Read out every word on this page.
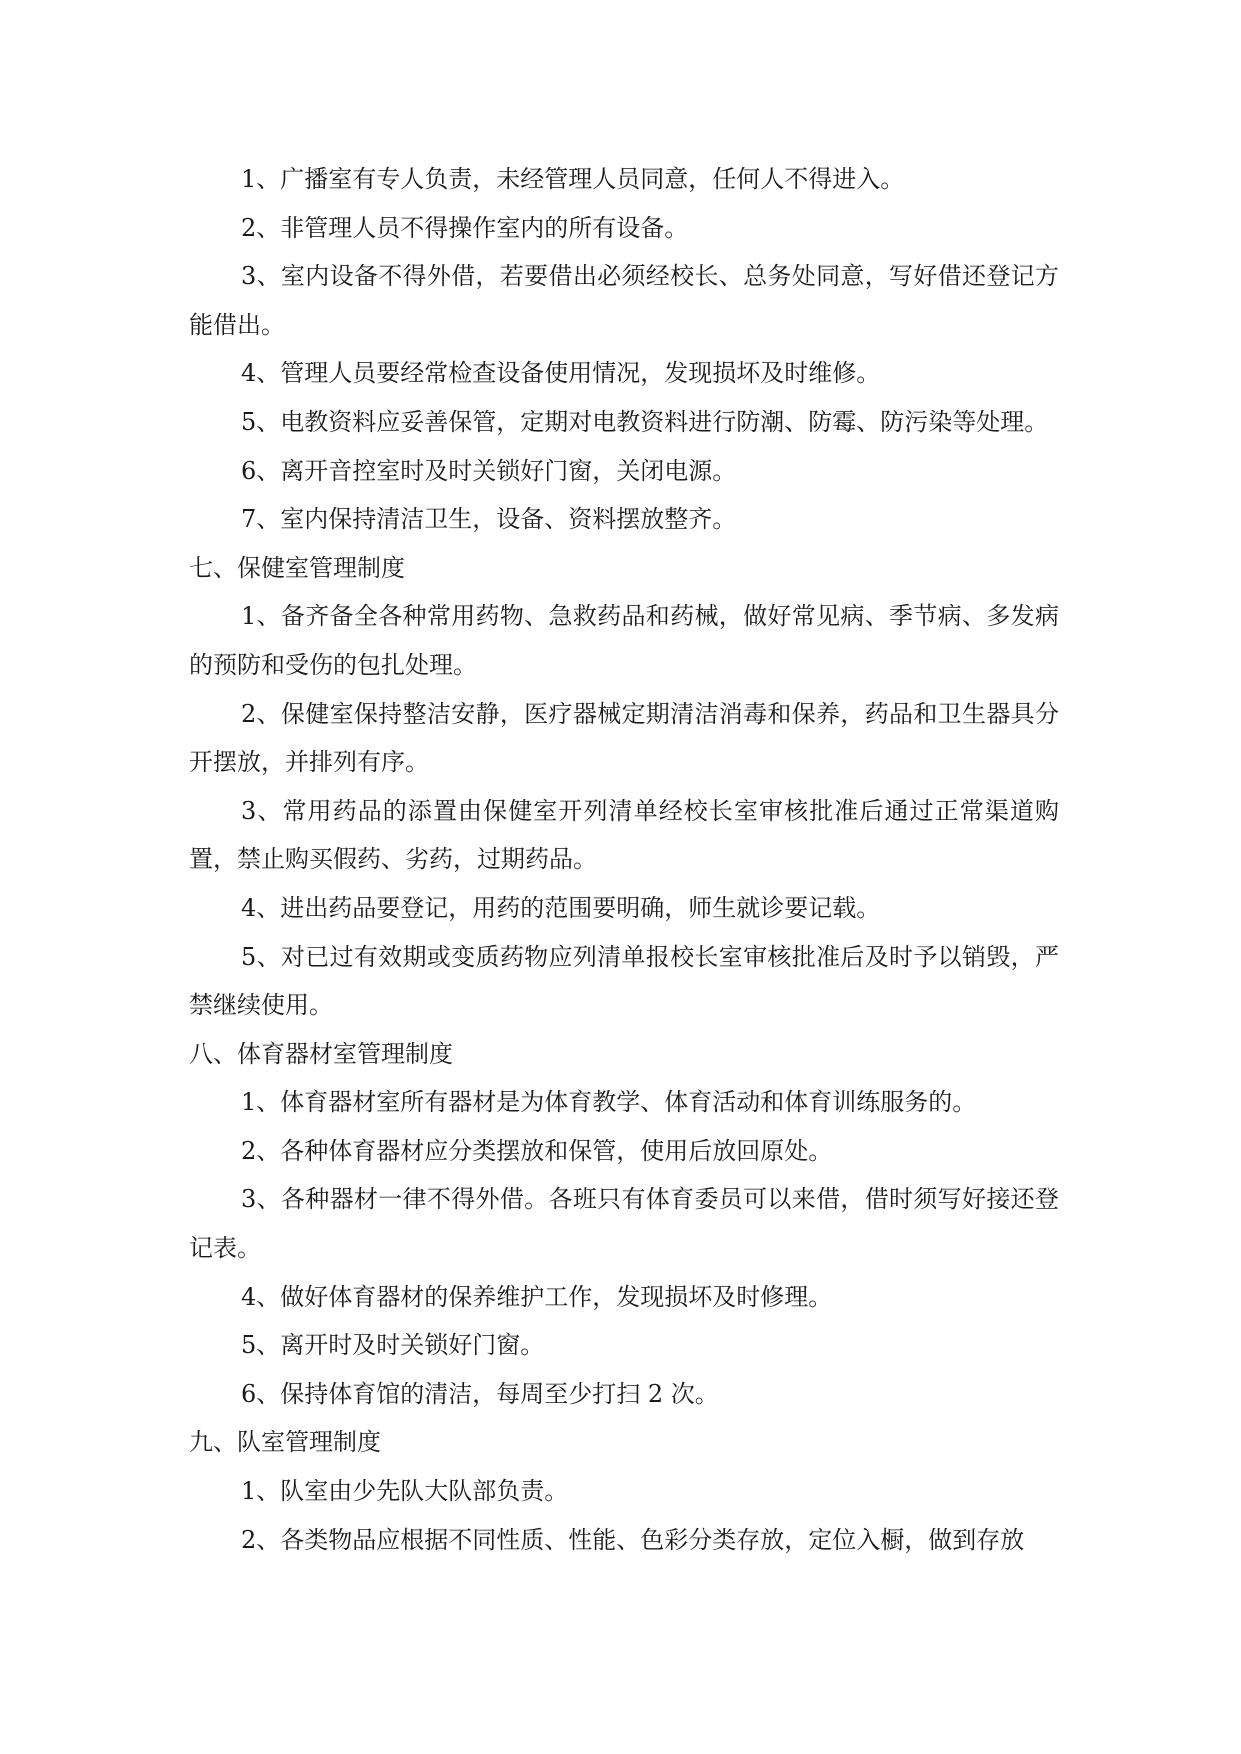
1、广播室有专人负责，未经管理人员同意，任何人不得进入。

2、非管理人员不得操作室内的所有设备。

3、室内设备不得外借，若要借出必须经校长、总务处同意，写好借还登记方能借出。

4、管理人员要经常检查设备使用情况，发现损坏及时维修。

5、电教资料应妥善保管，定期对电教资料进行防潮、防霉、防污染等处理。

6、离开音控室时及时关锁好门窗，关闭电源。

7、室内保持清洁卫生，设备、资料摆放整齐。

七、保健室管理制度

1、备齐备全各种常用药物、急救药品和药械，做好常见病、季节病、多发病的预防和受伤的包扎处理。

2、保健室保持整洁安静，医疗器械定期清洁消毒和保养，药品和卫生器具分开摆放，并排列有序。

3、常用药品的添置由保健室开列清单经校长室审核批准后通过正常渠道购置，禁止购买假药、劣药，过期药品。

4、进出药品要登记，用药的范围要明确，师生就诊要记载。

5、对已过有效期或变质药物应列清单报校长室审核批准后及时予以销毁，严禁继续使用。

八、体育器材室管理制度

1、体育器材室所有器材是为体育教学、体育活动和体育训练服务的。

2、各种体育器材应分类摆放和保管，使用后放回原处。

3、各种器材一律不得外借。各班只有体育委员可以来借，借时须写好接还登记表。

4、做好体育器材的保养维护工作，发现损坏及时修理。

5、离开时及时关锁好门窗。

6、保持体育馆的清洁，每周至少打扫 2 次。

九、队室管理制度

1、队室由少先队大队部负责。

2、各类物品应根据不同性质、性能、色彩分类存放，定位入橱，做到存放
